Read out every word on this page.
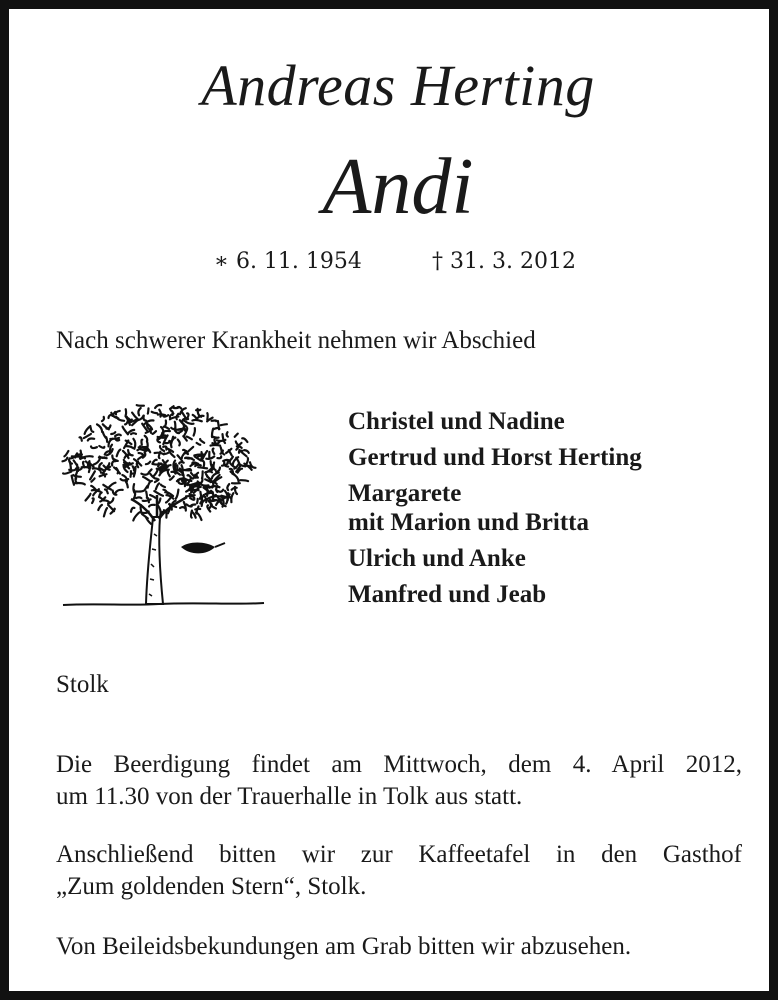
Andreas Herting
Andi
∗ 6. 11. 1954	† 31. 3. 2012
Nach schwerer Krankheit nehmen wir Abschied
Christel und Nadine
Gertrud und Horst Herting
Margarete
mit Marion und Britta
Ulrich und Anke
Manfred und Jeab
Stolk
Die Beerdigung findet am Mittwoch, dem 4. April 2012,
um 11.30 von der Trauerhalle in Tolk aus statt.
Anschließend bitten wir zur Kaffeetafel in den Gasthof
„Zum goldenden Stern“, Stolk.
Von Beileidsbekundungen am Grab bitten wir abzusehen.
